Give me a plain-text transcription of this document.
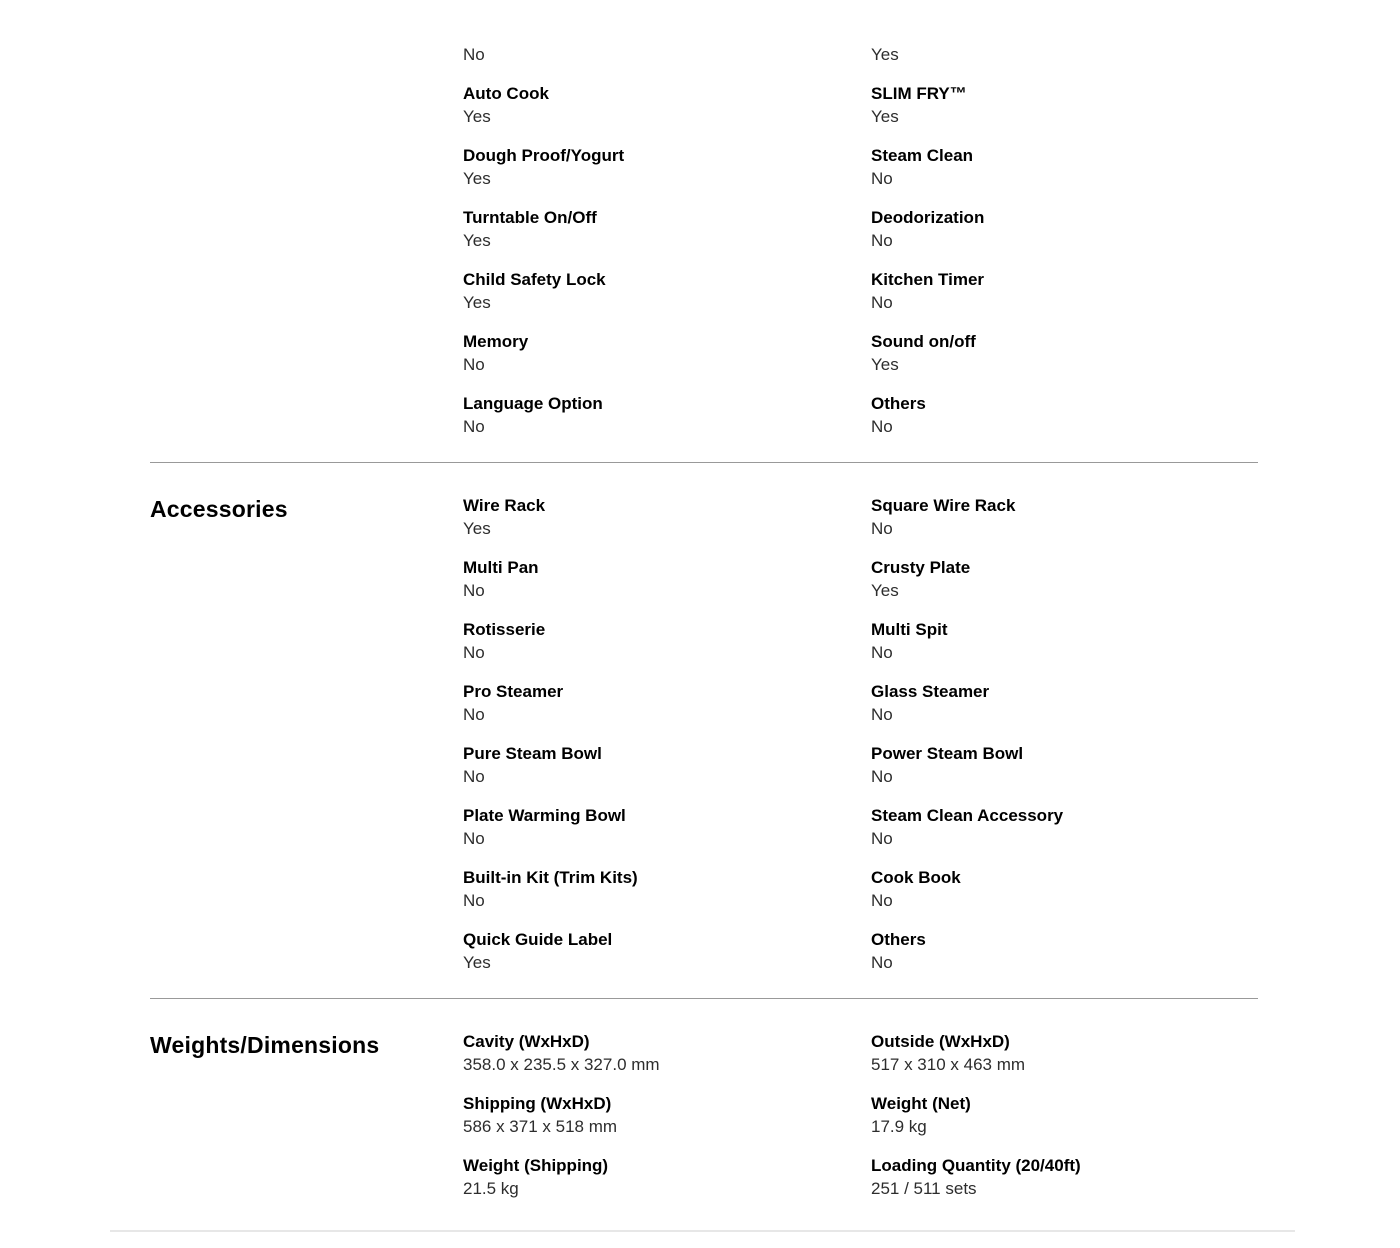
No
Auto Cook
Yes
Dough Proof/Yogurt
Yes
Turntable On/Off
Yes
Child Safety Lock
Yes
Memory
No
Language Option
No
Yes
SLIM FRY™
Yes
Steam Clean
No
Deodorization
No
Kitchen Timer
No
Sound on/off
Yes
Others
No
Accessories	Wire Rack
Yes
Multi Pan
No
Rotisserie
No
Pro Steamer
No
Pure Steam Bowl
No
Plate Warming Bowl
No
Built-in Kit (Trim Kits)
No
Quick Guide Label
Yes
Square Wire Rack
No
Crusty Plate
Yes
Multi Spit
No
Glass Steamer
No
Power Steam Bowl
No
Steam Clean Accessory
No
Cook Book
No
Others
No
Weights/Dimensions	Cavity (WxHxD)
358.0 x 235.5 x 327.0 mm
Shipping (WxHxD)
586 x 371 x 518 mm
Weight (Shipping)
21.5 kg
Outside (WxHxD)
517 x 310 x 463 mm
Weight (Net)
17.9 kg
Loading Quantity (20/40ft)
251 / 511 sets
